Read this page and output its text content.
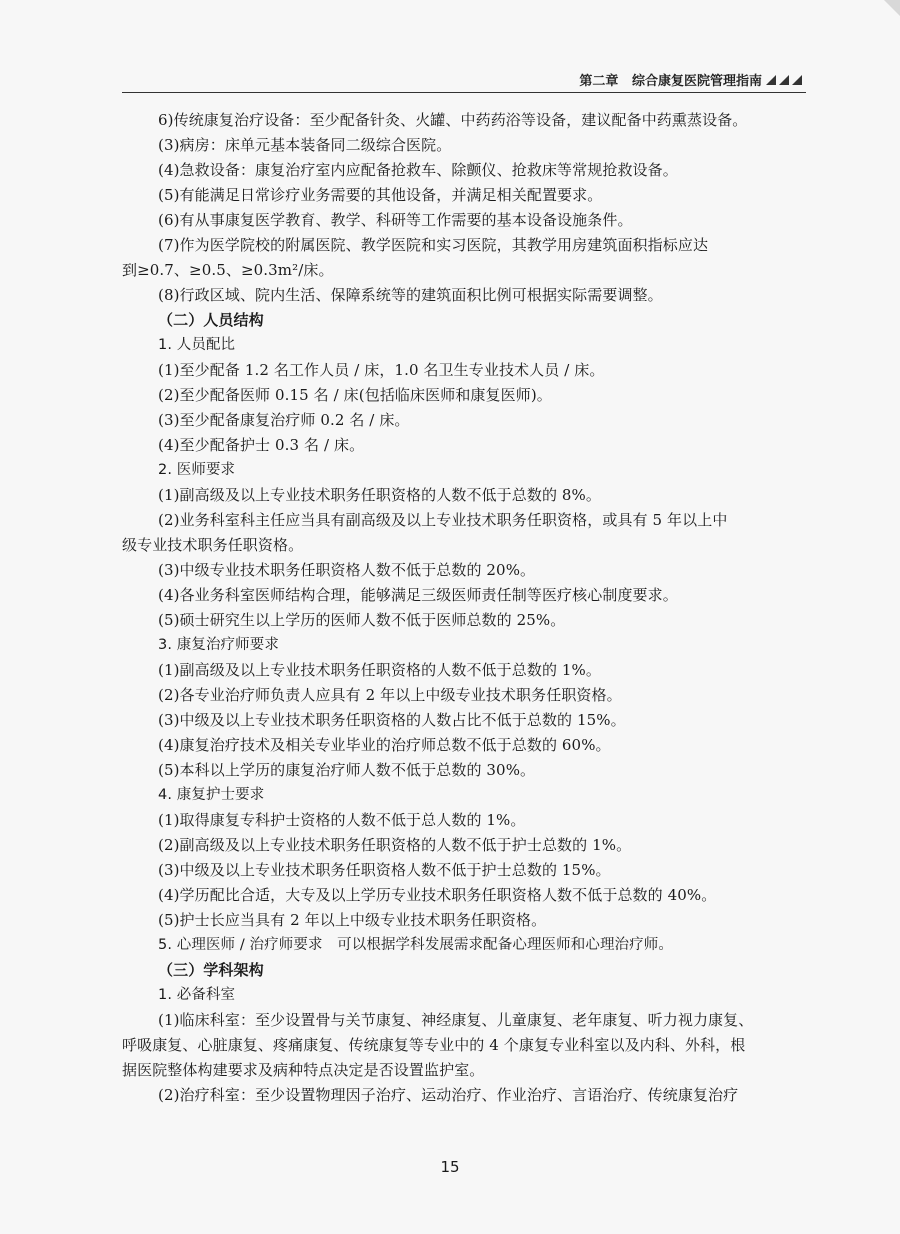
第二章 综合康复医院管理指南
6)传统康复治疗设备：至少配备针灸、火罐、中药药浴等设备，建议配备中药熏蒸设备。
(3)病房：床单元基本装备同二级综合医院。
(4)急救设备：康复治疗室内应配备抢救车、除颤仪、抢救床等常规抢救设备。
(5)有能满足日常诊疗业务需要的其他设备，并满足相关配置要求。
(6)有从事康复医学教育、教学、科研等工作需要的基本设备设施条件。
(7)作为医学院校的附属医院、教学医院和实习医院，其教学用房建筑面积指标应达
到≥0.7、≥0.5、≥0.3m²/床。
(8)行政区域、院内生活、保障系统等的建筑面积比例可根据实际需要调整。
（二）人员结构
1. 人员配比
(1)至少配备 1.2 名工作人员 / 床，1.0 名卫生专业技术人员 / 床。
(2)至少配备医师 0.15 名 / 床(包括临床医师和康复医师)。
(3)至少配备康复治疗师 0.2 名 / 床。
(4)至少配备护士 0.3 名 / 床。
2. 医师要求
(1)副高级及以上专业技术职务任职资格的人数不低于总数的 8%。
(2)业务科室科主任应当具有副高级及以上专业技术职务任职资格，或具有 5 年以上中
级专业技术职务任职资格。
(3)中级专业技术职务任职资格人数不低于总数的 20%。
(4)各业务科室医师结构合理，能够满足三级医师责任制等医疗核心制度要求。
(5)硕士研究生以上学历的医师人数不低于医师总数的 25%。
3. 康复治疗师要求
(1)副高级及以上专业技术职务任职资格的人数不低于总数的 1%。
(2)各专业治疗师负责人应具有 2 年以上中级专业技术职务任职资格。
(3)中级及以上专业技术职务任职资格的人数占比不低于总数的 15%。
(4)康复治疗技术及相关专业毕业的治疗师总数不低于总数的 60%。
(5)本科以上学历的康复治疗师人数不低于总数的 30%。
4. 康复护士要求
(1)取得康复专科护士资格的人数不低于总人数的 1%。
(2)副高级及以上专业技术职务任职资格的人数不低于护士总数的 1%。
(3)中级及以上专业技术职务任职资格人数不低于护士总数的 15%。
(4)学历配比合适，大专及以上学历专业技术职务任职资格人数不低于总数的 40%。
(5)护士长应当具有 2 年以上中级专业技术职务任职资格。
5. 心理医师 / 治疗师要求　可以根据学科发展需求配备心理医师和心理治疗师。
（三）学科架构
1. 必备科室
(1)临床科室：至少设置骨与关节康复、神经康复、儿童康复、老年康复、听力视力康复、
呼吸康复、心脏康复、疼痛康复、传统康复等专业中的 4 个康复专业科室以及内科、外科，根
据医院整体构建要求及病种特点决定是否设置监护室。
(2)治疗科室：至少设置物理因子治疗、运动治疗、作业治疗、言语治疗、传统康复治疗
15
